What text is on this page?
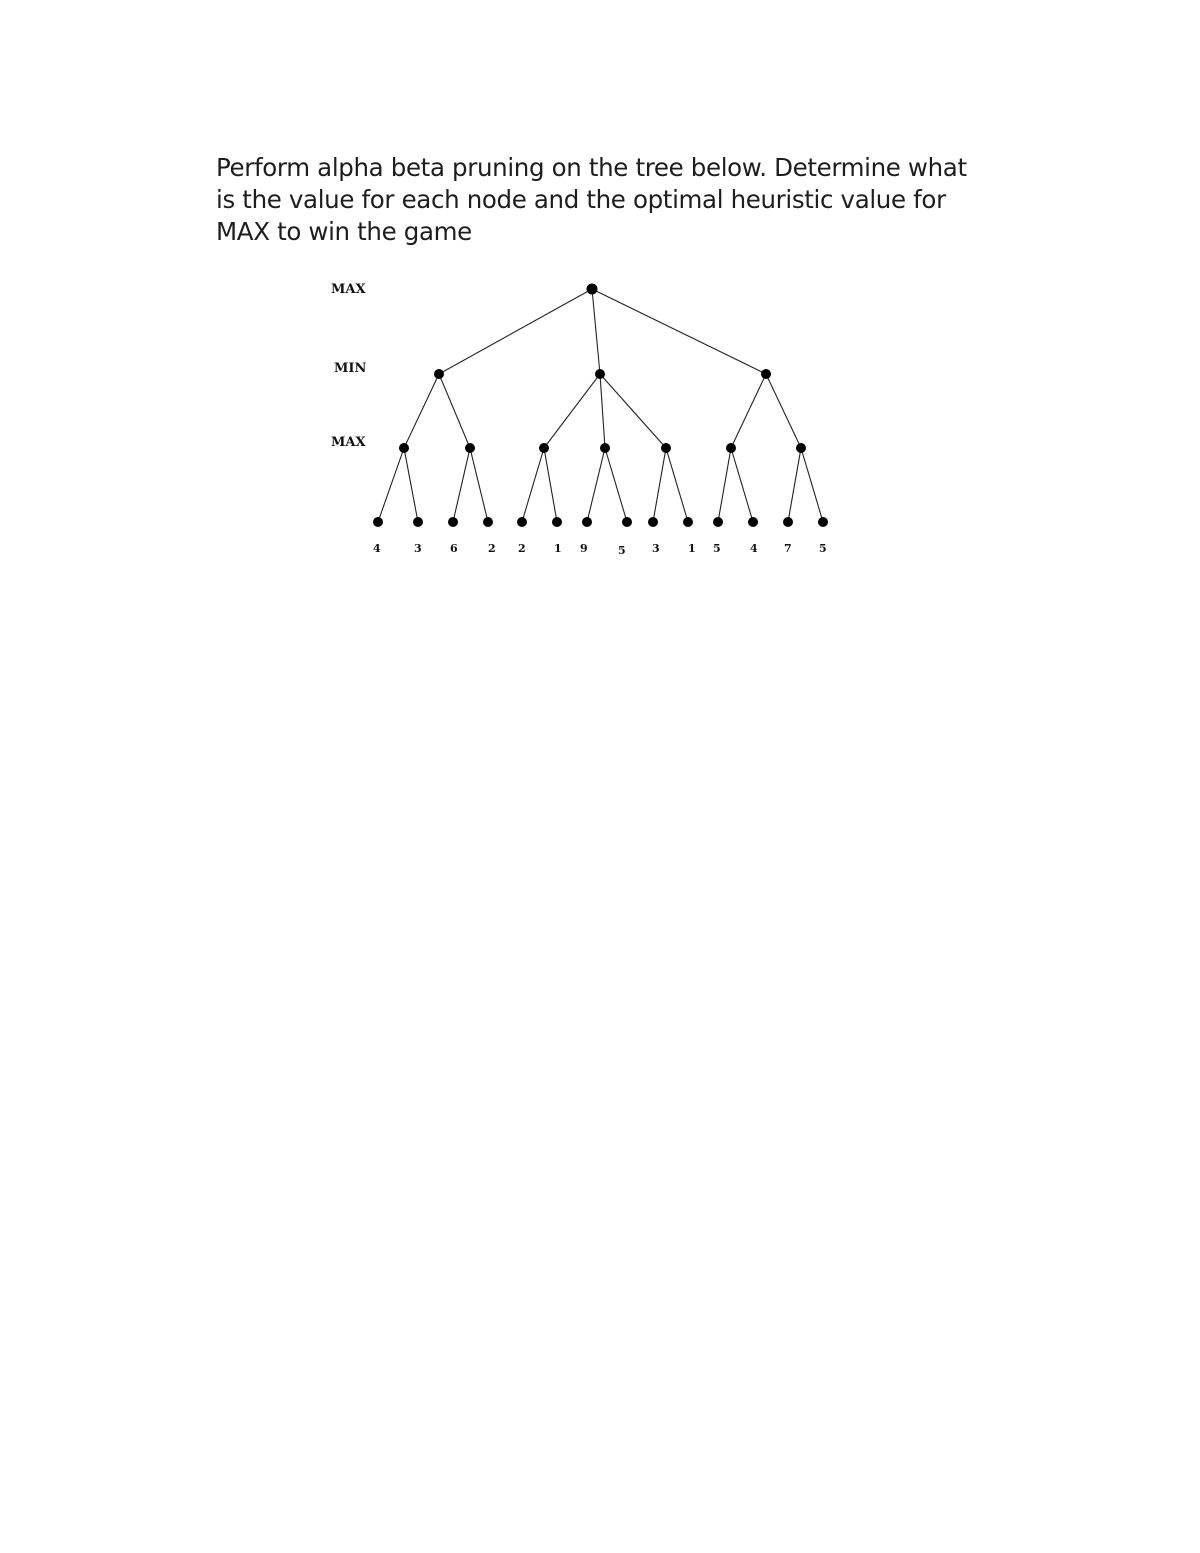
Perform alpha beta pruning on the tree below. Determine what is the value for each node and the optimal heuristic value for MAX to win the game

MAX
MIN
MAX
4	3	6	2 2	1 9	5 3	1 5	4 7 5
